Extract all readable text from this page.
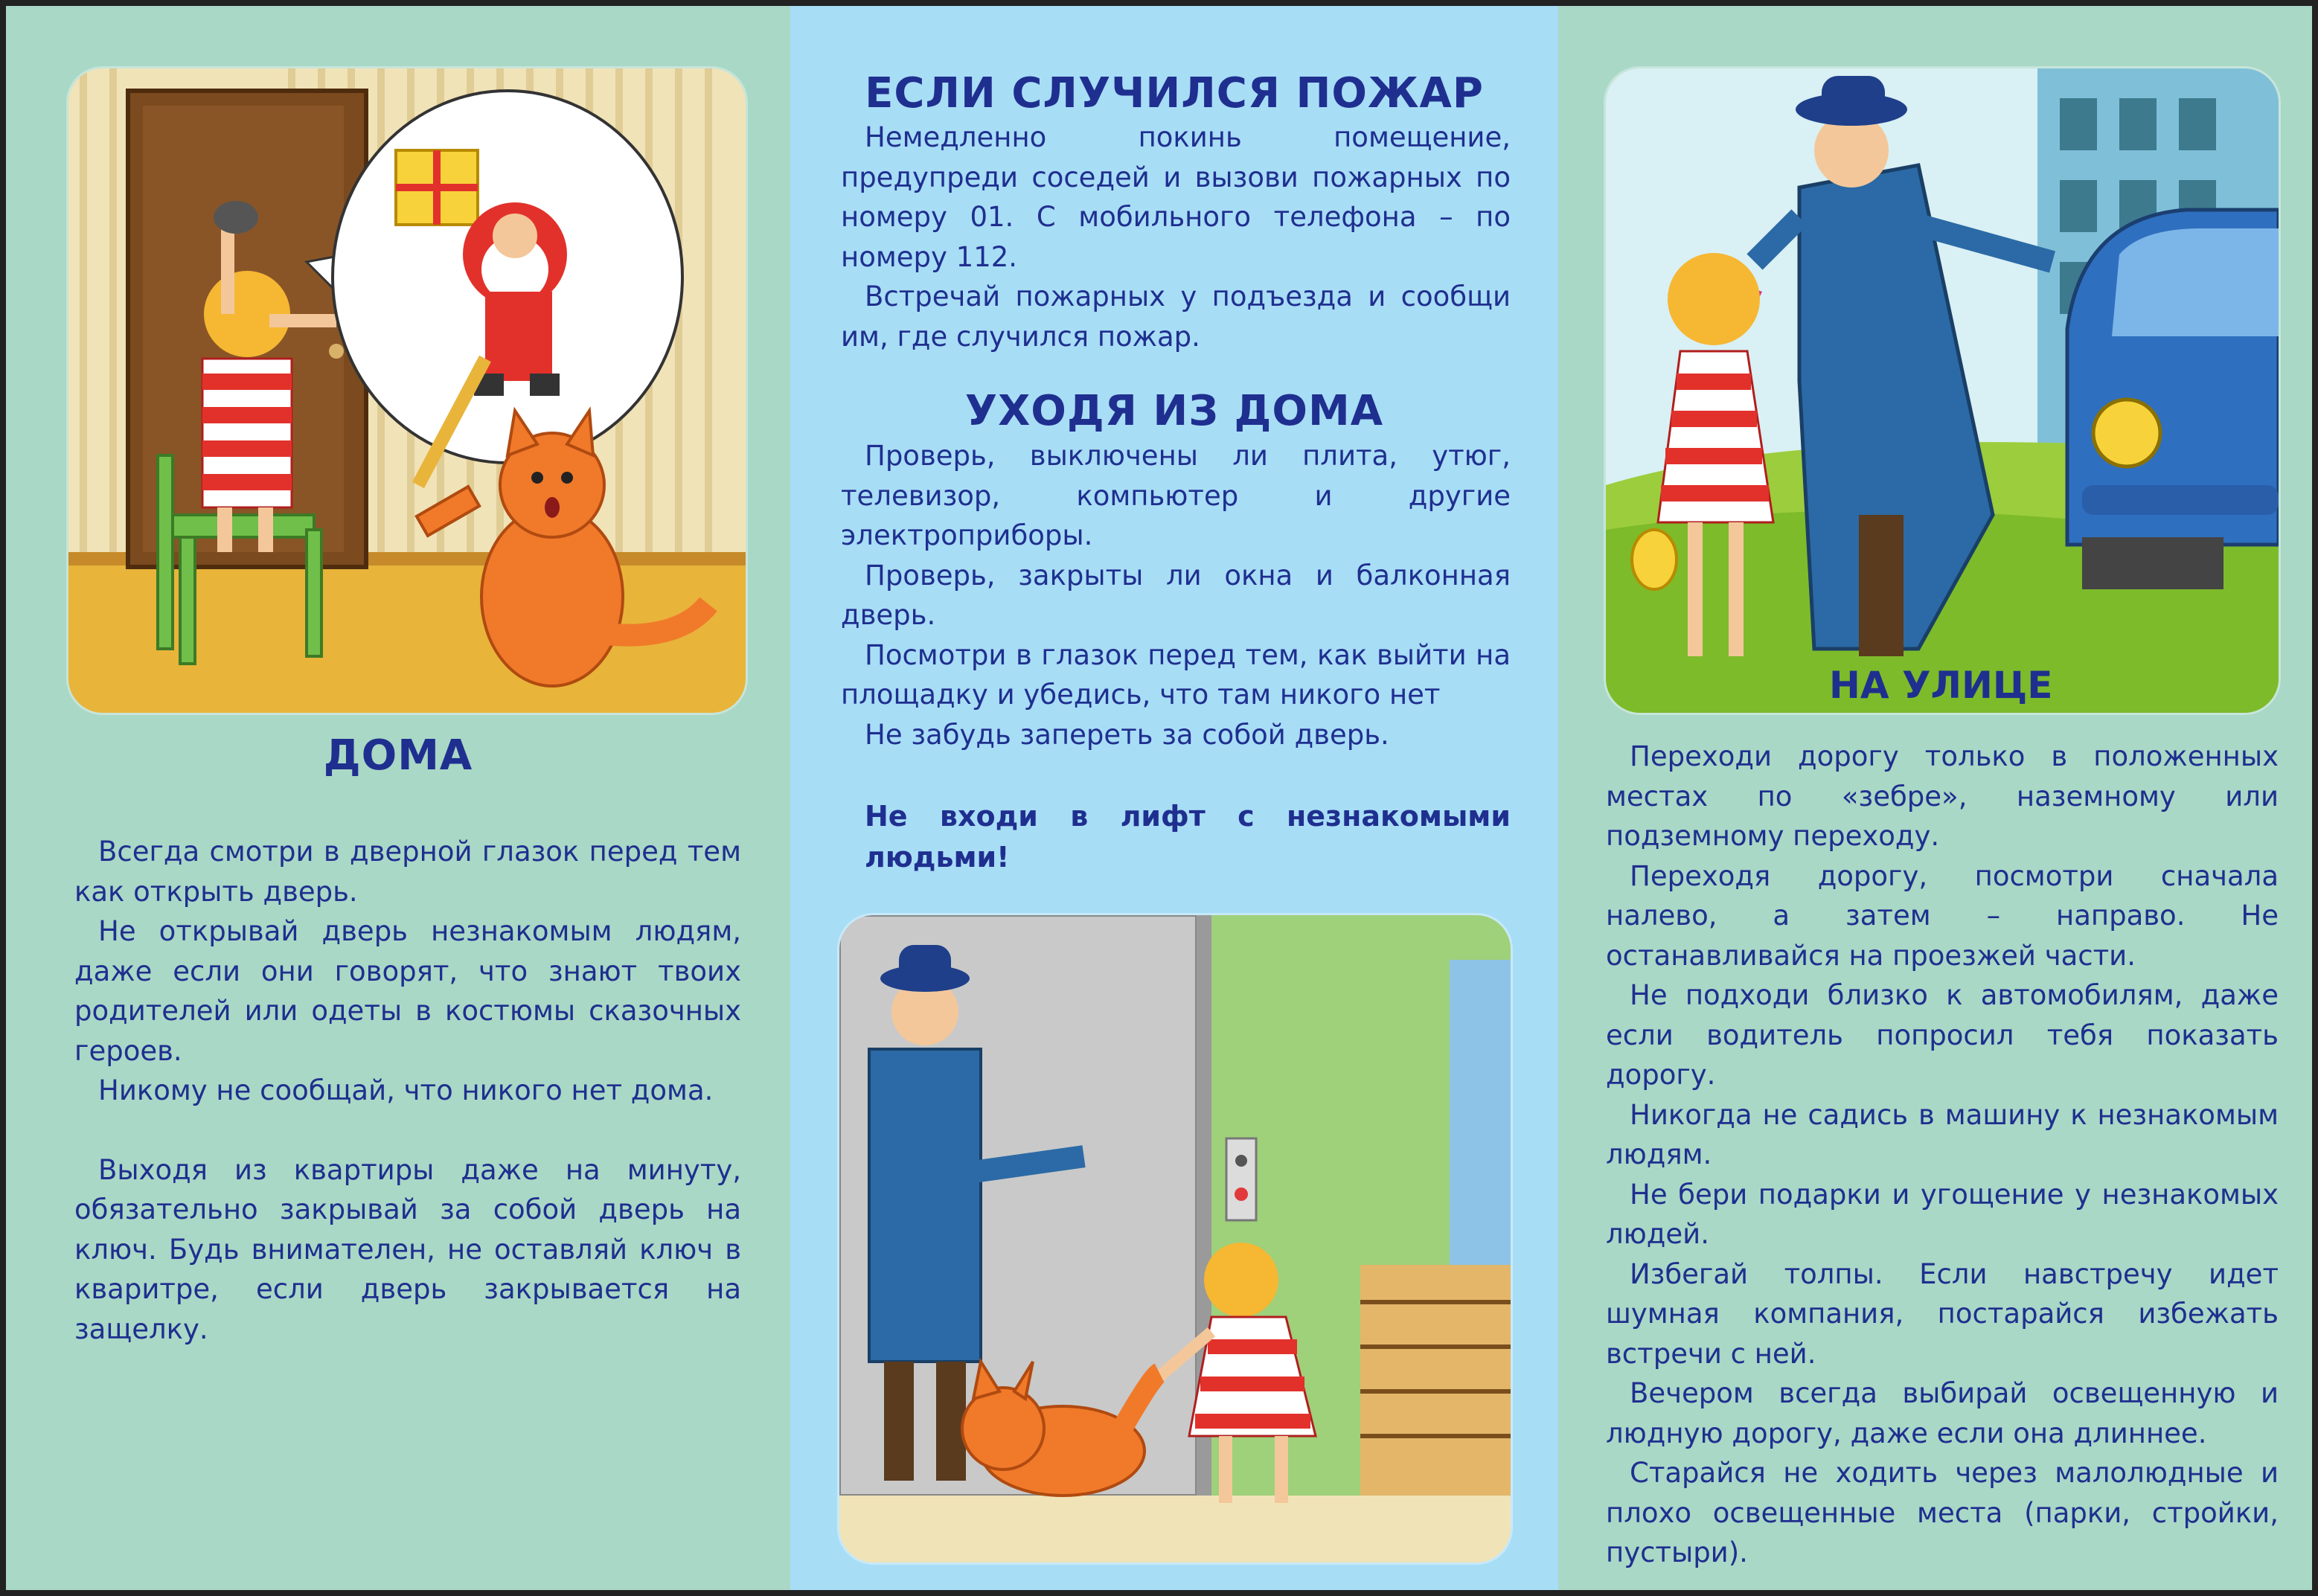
ДОМА

Всегда смотри в дверной глазок перед тем как открыть дверь.

Не открывай дверь незнакомым людям, даже если они говорят, что знают твоих родителей или одеты в костюмы сказочных героев.

Никому не сообщай, что никого нет дома.

Выходя из квартиры даже на минуту, обязательно закрывай за собой дверь на ключ. Будь внимателен, не оставляй ключ в кваритре, если дверь закрывается на защелку.

ЕСЛИ СЛУЧИЛСЯ ПОЖАР

Немедленно покинь помещение, предупреди соседей и вызови пожарных по номеру 01. С мобильного телефона – по номеру 112.

Встречай пожарных у подъезда и сообщи им, где случился пожар.

УХОДЯ ИЗ ДОМА

Проверь, выключены ли плита, утюг, телевизор, компьютер и другие электроприборы.

Проверь, закрыты ли окна и балконная дверь.

Посмотри в глазок перед тем, как выйти на площадку и убедись, что там никого нет

Не забудь запереть за собой дверь.

Не входи в лифт с незнакомыми людьми!
НА УЛИЦЕ

Переходи дорогу только в положенных местах по «зебре», наземному или подземному переходу.

Переходя дорогу, посмотри сначала налево, а затем – направо. Не останавливайся на проезжей части.

Не подходи близко к автомобилям, даже если водитель попросил тебя показать дорогу.

Никогда не садись в машину к незнакомым людям.

Не бери подарки и угощение у незнакомых людей.

Избегай толпы. Если навстречу идет шумная компания, постарайся избежать встречи с ней.

Вечером всегда выбирай освещенную и людную дорогу, даже если она длиннее.

Старайся не ходить через малолюдные и плохо освещенные места (парки, стройки, пустыри).
